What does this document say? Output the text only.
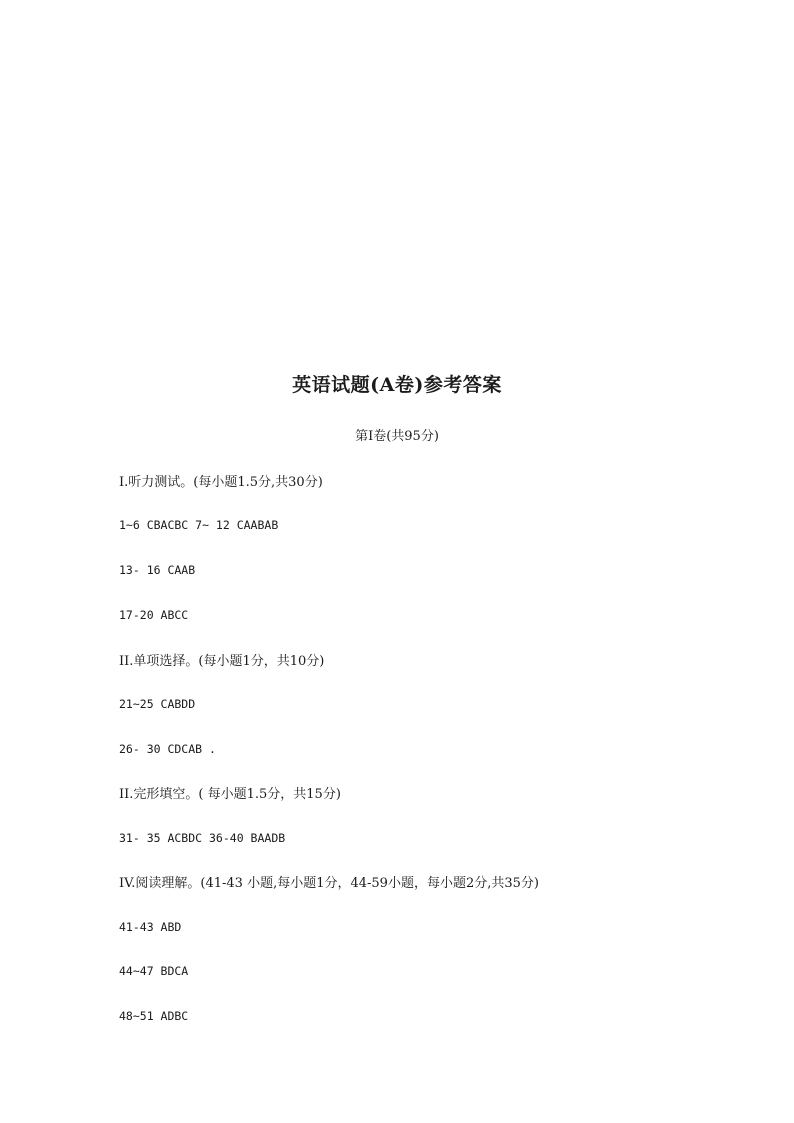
英语试题(A卷)参考答案
第Ⅰ卷(共95分)
I.听力测试。(每小题1.5分,共30分)
1~6 CBACBC 7~ 12 CAABAB
13- 16 CAAB
17-20 ABCC
II.单项选择。(每小题1分，共10分)
21~25 CABDD
26- 30 CDCAB .
II.完形填空。( 每小题1.5分，共15分)
31- 35 ACBDC 36-40 BAADB
IV.阅读理解。(41-43 小题,每小题1分，44-59小题，每小题2分,共35分)
41-43 ABD
44~47 BDCA
48~51 ADBC
